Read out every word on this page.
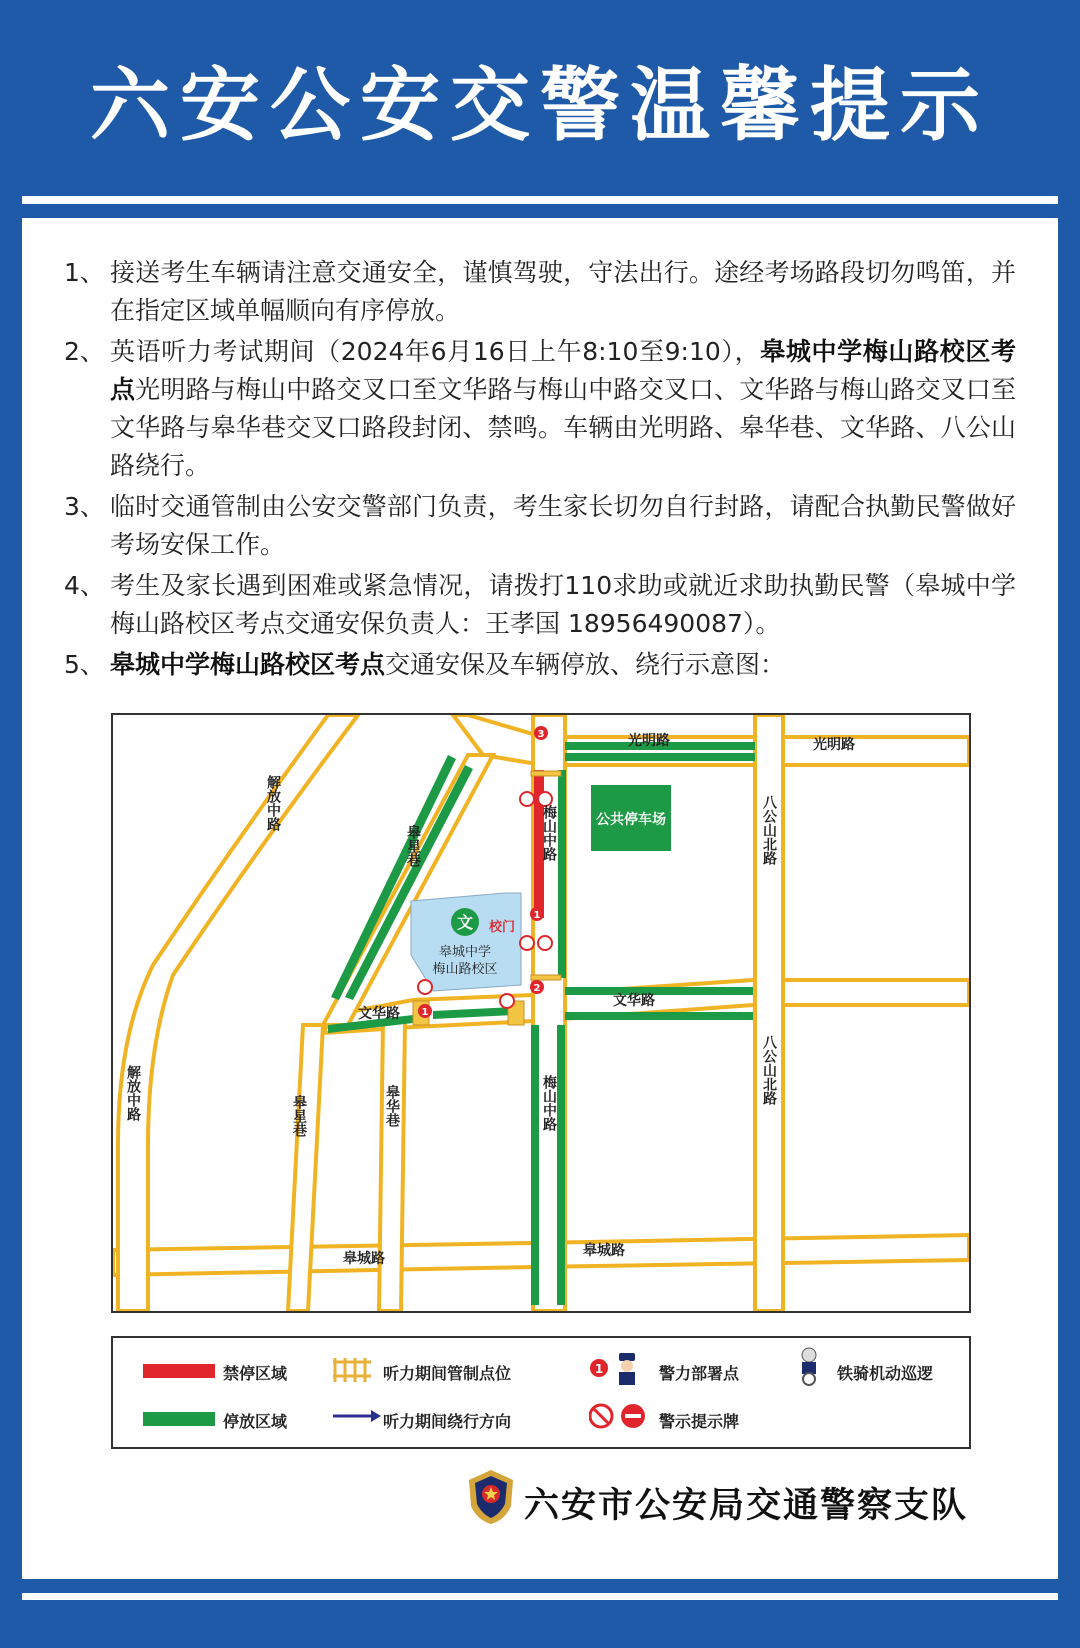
六安公安交警温馨提示
1、 接送考生车辆请注意交通安全，谨慎驾驶，守法出行。途经考场路段切勿鸣笛，并在指定区域单幅顺向有序停放。
2、 英语听力考试期间（2024年6月16日上午8:10至9:10），皋城中学梅山路校区考点光明路与梅山中路交叉口至文华路与梅山中路交叉口、文华路与梅山路交叉口至文华路与皋华巷交叉口路段封闭、禁鸣。车辆由光明路、皋华巷、文华路、八公山路绕行。
3、 临时交通管制由公安交警部门负责，考生家长切勿自行封路，请配合执勤民警做好考场安保工作。
4、 考生及家长遇到困难或紧急情况，请拨打110求助或就近求助执勤民警（皋城中学梅山路校区考点交通安保负责人：王孝国 18956490087）。
5、 皋城中学梅山路校区考点交通安保及车辆停放、绕行示意图：
公共停车场
文
皋城中学
梅山路校区
校门
3
1
2
1
光明路	光明路
文华路
文华路
皋城路	皋城路
梅山中路
梅山中路
八公山北路
八公山北路
解放中路
解放中路
皋星巷
皋星巷	皋华巷
禁停区域
停放区域
听力期间管制点位
听力期间绕行方向
1	警力部署点
警示提示牌
铁骑机动巡逻
六安市公安局交通警察支队
